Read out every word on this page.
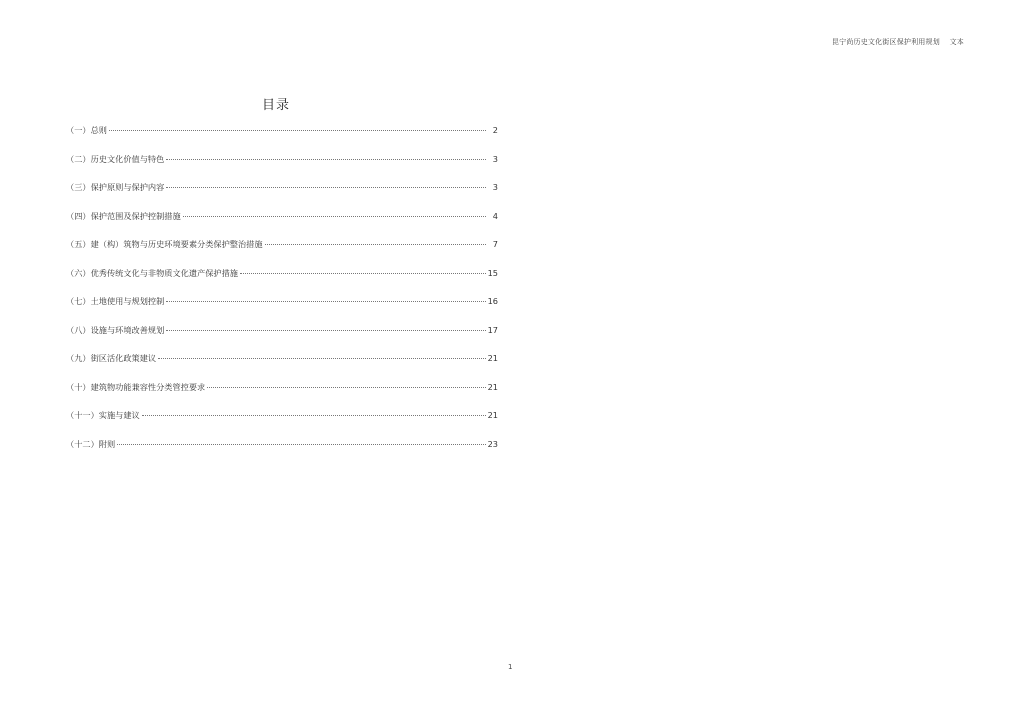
昆宁尚历史文化街区保护利用规划    文本
目录
（一）总则	2
（二）历史文化价值与特色	3
（三）保护原则与保护内容	3
（四）保护范围及保护控制措施	4
（五）建（构）筑物与历史环境要素分类保护整治措施	7
（六）优秀传统文化与非物质文化遗产保护措施	15
（七）土地使用与规划控制	16
（八）设施与环境改善规划	17
（九）街区活化政策建议	21
（十）建筑物功能兼容性分类管控要求	21
（十一）实施与建议	21
（十二）附则	23
1
